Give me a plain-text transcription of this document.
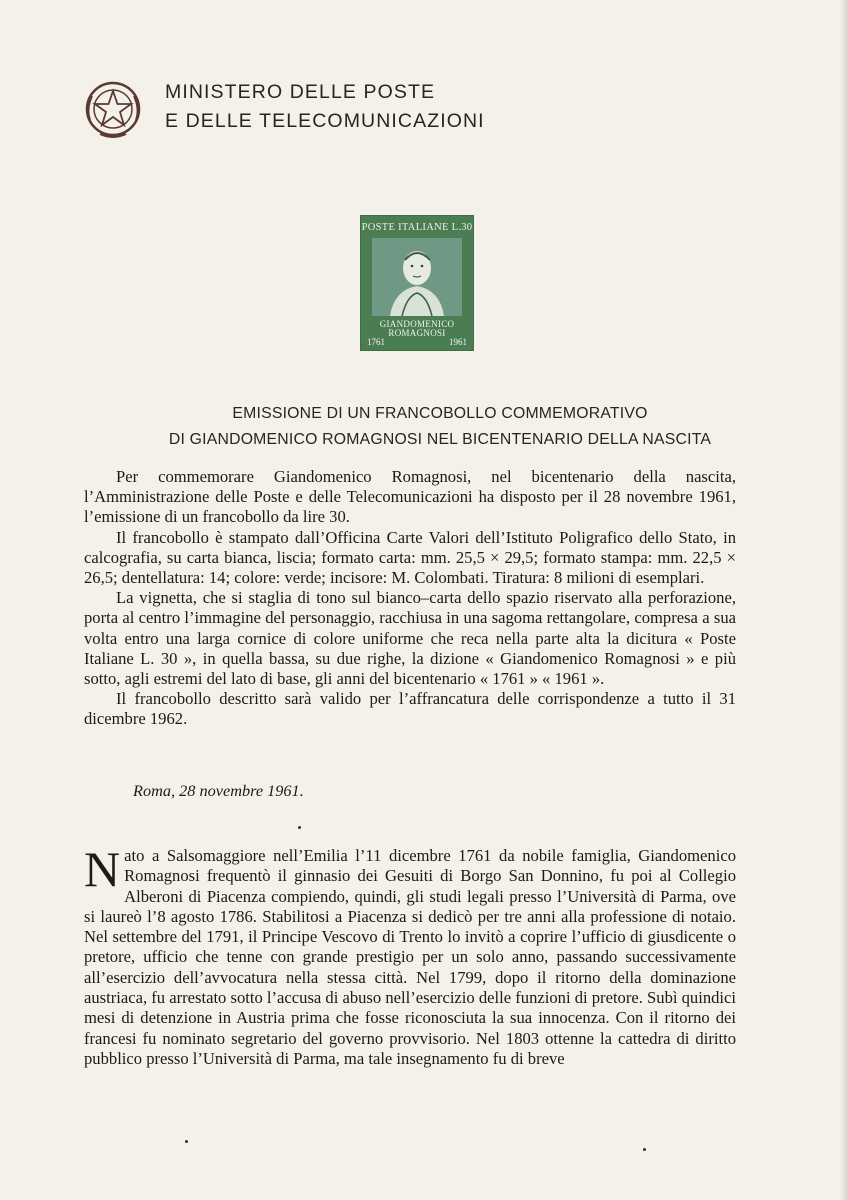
MINISTERO DELLE POSTE
E DELLE TELECOMUNICAZIONI
POSTE ITALIANE L.30
GIANDOMENICO
ROMAGNOSI
1761	1961
EMISSIONE DI UN FRANCOBOLLO COMMEMORATIVO
DI GIANDOMENICO ROMAGNOSI NEL BICENTENARIO DELLA NASCITA

Per commemorare Giandomenico Romagnosi, nel bicentenario della nascita, l’Amministrazione delle Poste e delle Telecomunicazioni ha disposto per il 28 novembre 1961, l’emissione di un francobollo da lire 30.

Il francobollo è stampato dall’Officina Carte Valori dell’Istituto Poligrafico dello Stato, in calcografia, su carta bianca, liscia; formato carta: mm. 25,5 × 29,5; formato stampa: mm. 22,5 × 26,5; dentellatura: 14; colore: verde; incisore: M. Colombati. Tiratura: 8 milioni di esemplari.

La vignetta, che si staglia di tono sul bianco–carta dello spazio riservato alla perforazione, porta al centro l’immagine del personaggio, racchiusa in una sagoma rettangolare, compresa a sua volta entro una larga cornice di colore uniforme che reca nella parte alta la dicitura « Poste Italiane L. 30 », in quella bassa, su due righe, la dizione « Giandomenico Romagnosi » e più sotto, agli estremi del lato di base, gli anni del bicentenario « 1761 » « 1961 ».

Il francobollo descritto sarà valido per l’affrancatura delle corrispondenze a tutto il 31 dicembre 1962.

Roma, 28 novembre 1961.
N ato a Salsomaggiore nell’Emilia l’11 dicembre 1761 da nobile famiglia, Giandomenico Romagnosi frequentò il ginnasio dei Gesuiti di Borgo San Donnino, fu poi al Collegio Alberoni di Piacenza compiendo, quindi, gli studi legali presso l’Università di Parma, ove si laureò l’8 agosto 1786. Stabilitosi a Piacenza si dedicò per tre anni alla professione di notaio. Nel settembre del 1791, il Principe Vescovo di Trento lo invitò a coprire l’ufficio di giusdicente o pretore, ufficio che tenne con grande prestigio per un solo anno, passando successivamente all’esercizio dell’avvocatura nella stessa città. Nel 1799, dopo il ritorno della dominazione austriaca, fu arrestato sotto l’accusa di abuso nell’esercizio delle funzioni di pretore. Subì quindici mesi di detenzione in Austria prima che fosse riconosciuta la sua innocenza. Con il ritorno dei francesi fu nominato segretario del governo provvisorio. Nel 1803 ottenne la cattedra di diritto pubblico presso l’Università di Parma, ma tale insegnamento fu di breve
